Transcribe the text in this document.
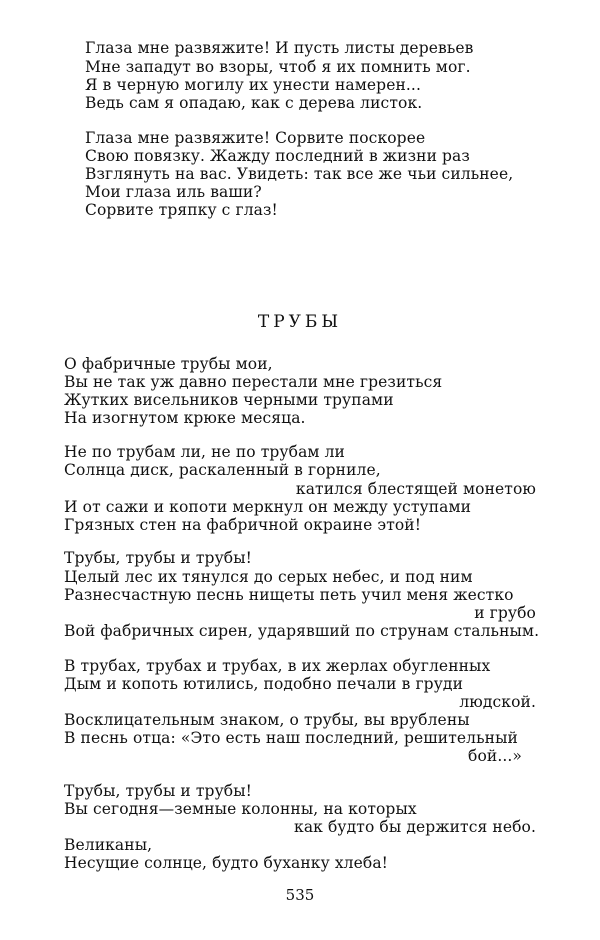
Глаза мне развяжите! И пусть листы деревьев
Мне западут во взоры, чтоб я их помнить мог.
Я в черную могилу их унести намерен...
Ведь сам я опадаю, как с дерева листок.
Глаза мне развяжите! Сорвите поскорее
Свою повязку. Жажду последний в жизни раз
Взглянуть на вас. Увидеть: так все же чьи сильнее,
Мои глаза иль ваши?
Сорвите тряпку с глаз!
ТРУБЫ
О фабричные трубы мои,
Вы не так уж давно перестали мне грезиться
Жутких висельников черными трупами
На изогнутом крюке месяца.
Не по трубам ли, не по трубам ли
Солнца диск, раскаленный в горниле,
катился блестящей монетою
И от сажи и копоти меркнул он между уступами
Грязных стен на фабричной окраине этой!
Трубы, трубы и трубы!
Целый лес их тянулся до серых небес, и под ним
Разнесчастную песнь нищеты петь учил меня жестко
и грубо
Вой фабричных сирен, ударявший по струнам стальным.
В трубах, трубах и трубах, в их жерлах обугленных
Дым и копоть ютились, подобно печали в груди
людской.
Восклицательным знаком, о трубы, вы врублены
В песнь отца: «Это есть наш последний, решительный
бой...»
Трубы, трубы и трубы!
Вы сегодня—земные колонны, на которых
как будто бы держится небо.
Великаны,
Несущие солнце, будто буханку хлеба!
535
